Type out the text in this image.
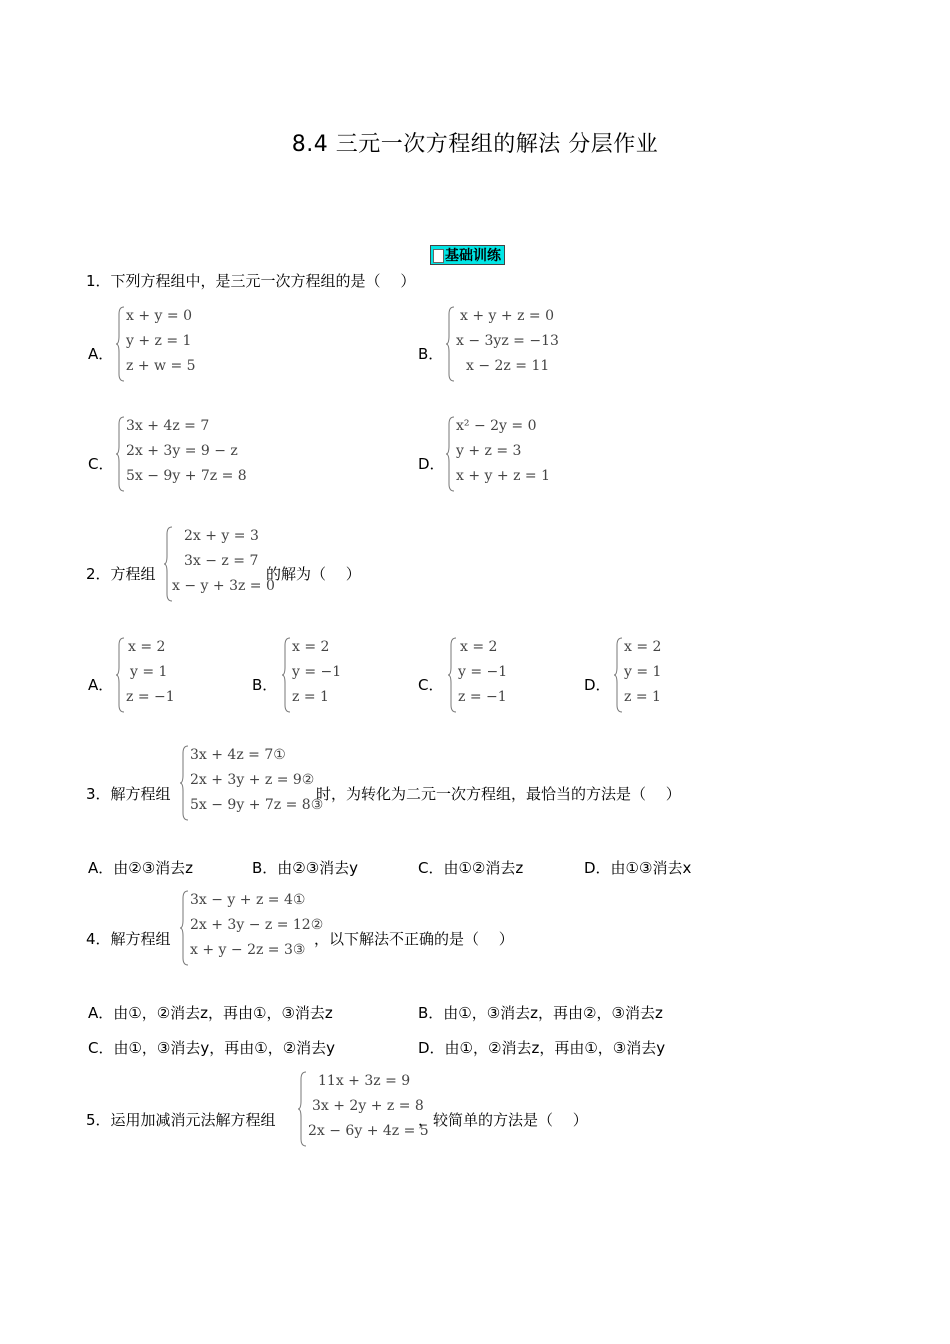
8.4 三元一次方程组的解法 分层作业
基础训练
1．下列方程组中，是三元一次方程组的是（　 ）
A．
x + y = 0
y + z = 1
z + w = 5
B．
x + y + z = 0
x − 3yz = −13
x − 2z = 11
C．
3x + 4z = 7
2x + 3y = 9 − z
5x − 9y + 7z = 8
D．
x² − 2y = 0
y + z = 3
x + y + z = 1
2．方程组
2x + y = 3
3x − z = 7
x − y + 3z = 0
的解为（　 ）
A．
x = 2
y = 1
z = −1
B．
x = 2
y = −1
z = 1
C．
x = 2
y = −1
z = −1
D．
x = 2
y = 1
z = 1
3．解方程组
3x + 4z = 7①
2x + 3y + z = 9②
5x − 9y + 7z = 8③
时，为转化为二元一次方程组，最恰当的方法是（　 ）
A．由②③消去z	B．由②③消去y	C．由①②消去z	D．由①③消去x
4．解方程组
3x − y + z = 4①
2x + 3y − z = 12②
x + y − 2z = 3③
，以下解法不正确的是（　 ）
A．由①，②消去z，再由①，③消去z	B．由①，③消去z，再由②，③消去z
C．由①，③消去y，再由①，②消去y	D．由①，②消去z，再由①，③消去y
5．运用加减消元法解方程组
11x + 3z = 9
3x + 2y + z = 8
2x − 6y + 4z = 5
，较简单的方法是（　 ）
